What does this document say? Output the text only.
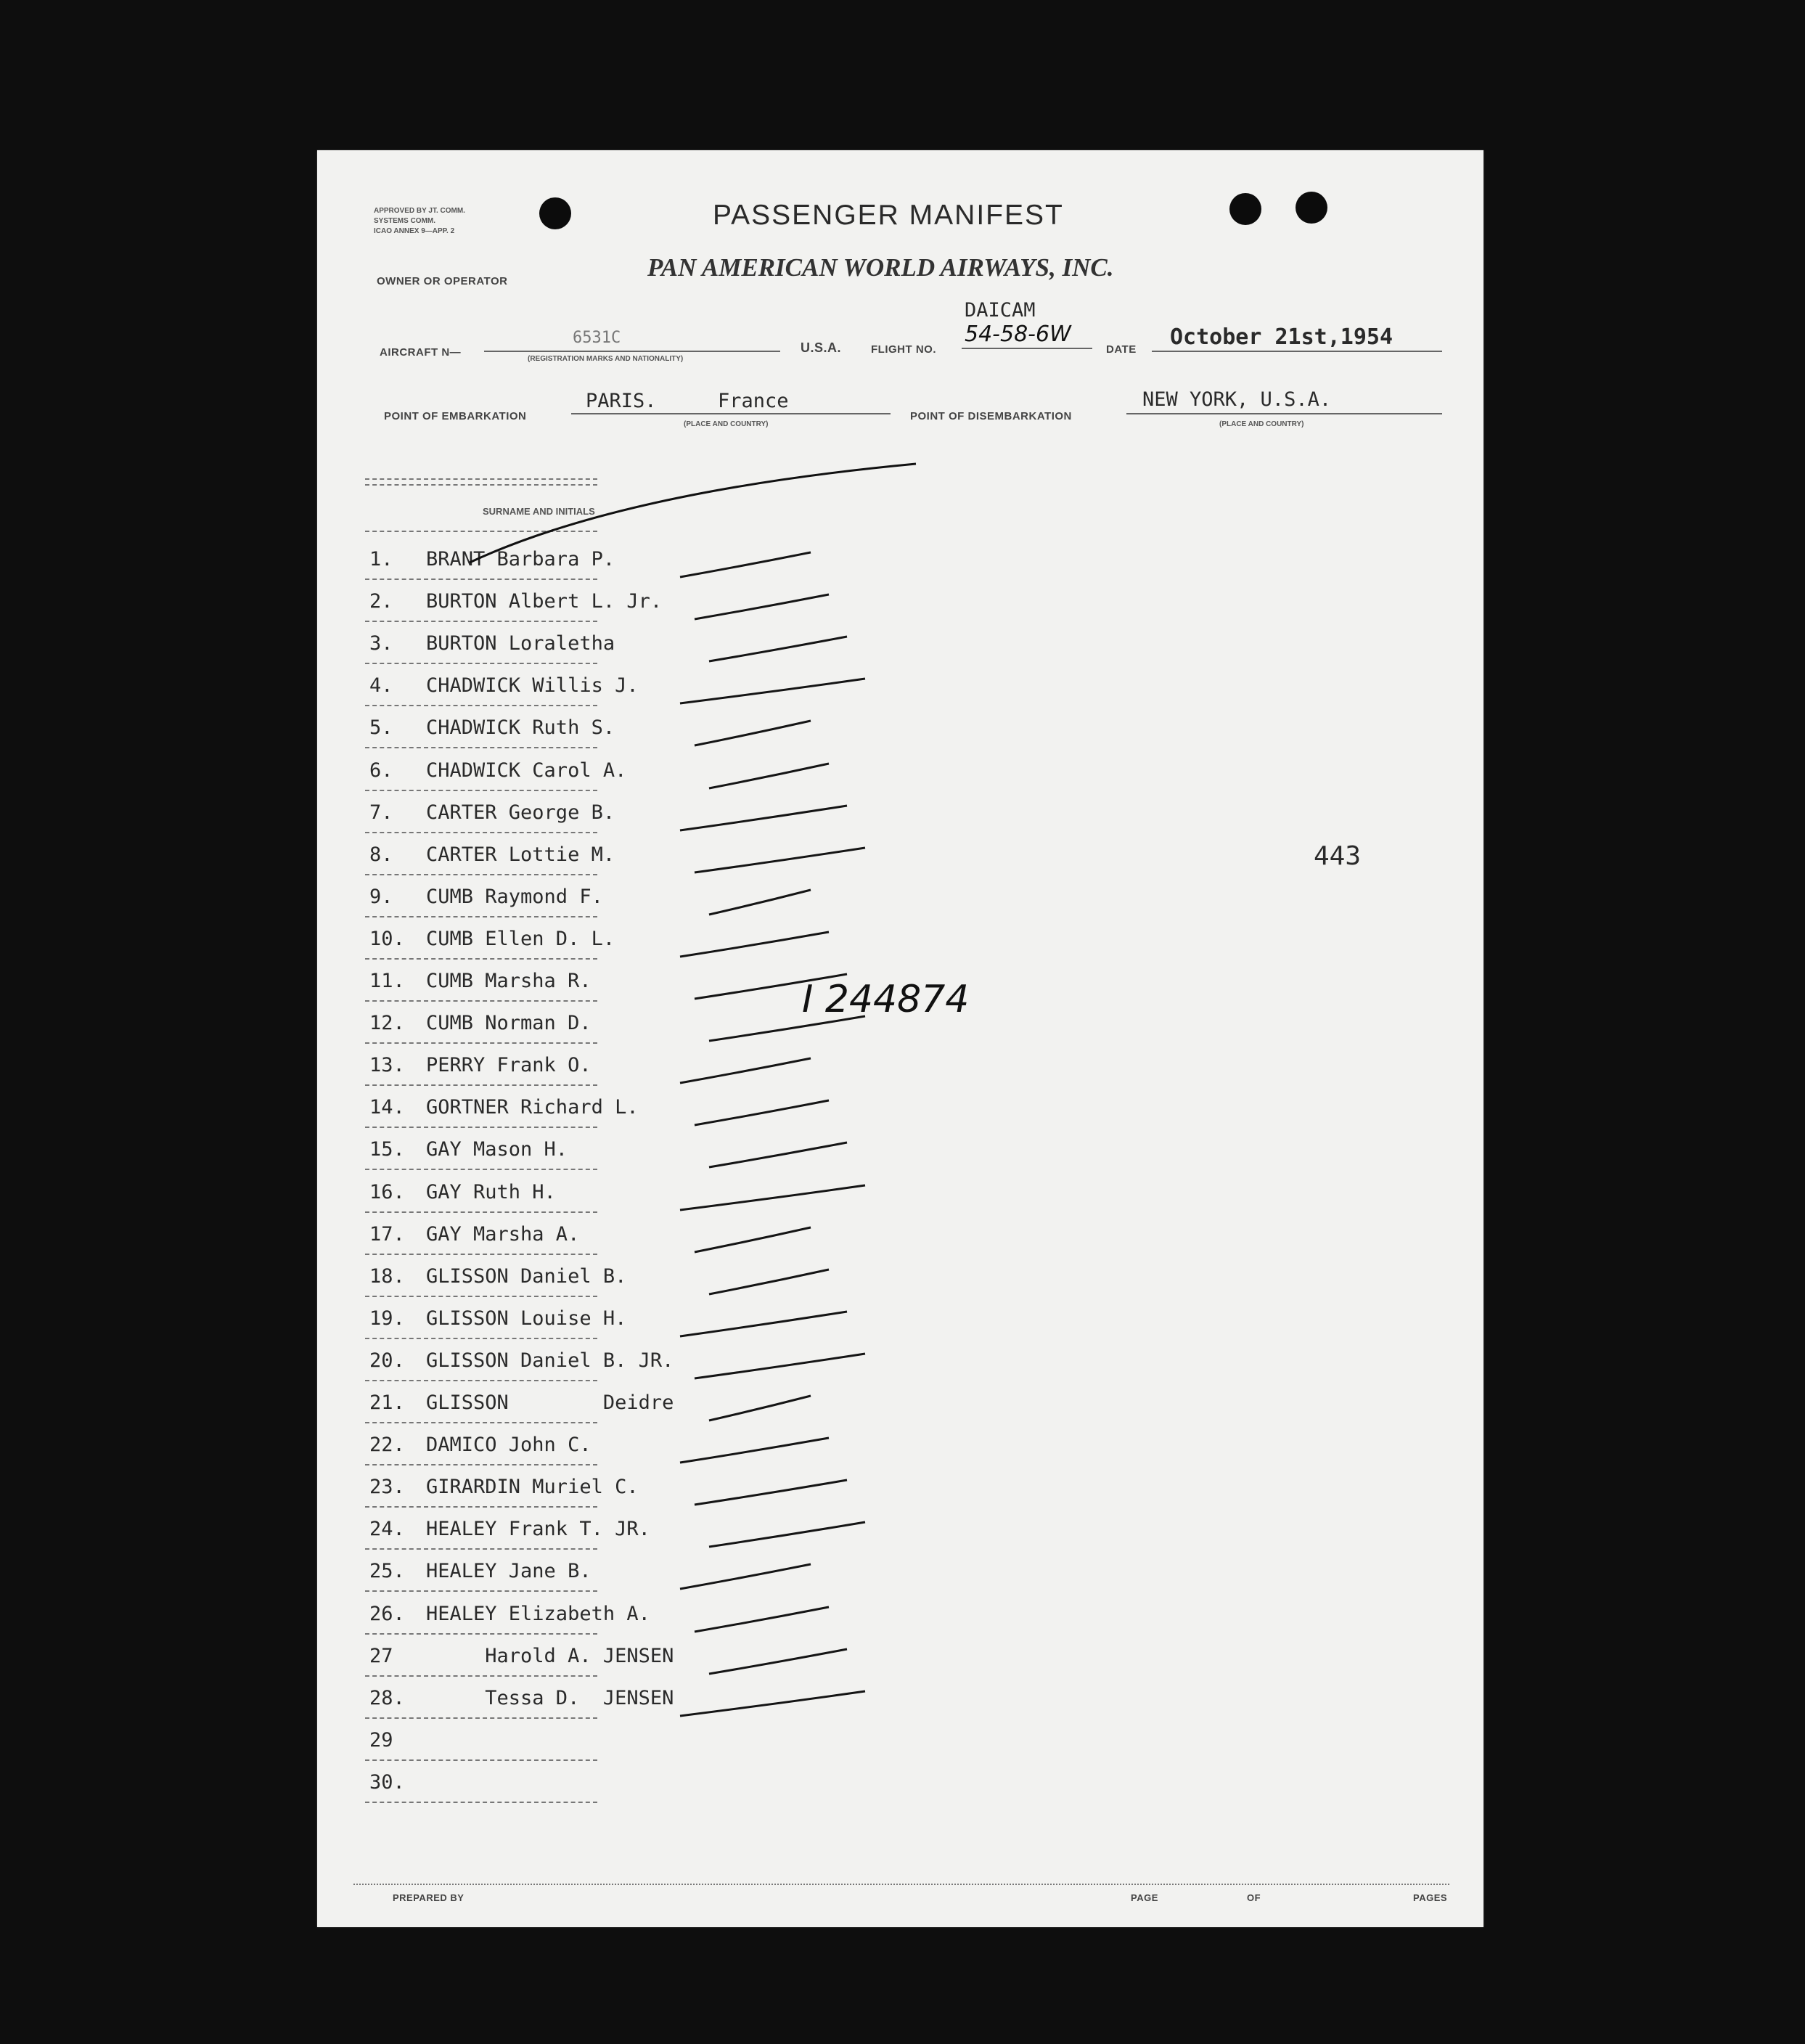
APPROVED BY JT. COMM.
SYSTEMS COMM.
ICAO ANNEX 9—APP. 2
PASSENGER MANIFEST
OWNER OR OPERATOR	PAN AMERICAN WORLD AIRWAYS, INC.
AIRCRAFT N—
6531C
(REGISTRATION MARKS AND NATIONALITY)
U.S.A.	FLIGHT NO.
DAICAM
54-58-6W
DATE October 21st,1954
POINT OF EMBARKATION
PARIS.	France
(PLACE AND COUNTRY)
POINT OF DISEMBARKATION
NEW YORK, U.S.A.
(PLACE AND COUNTRY)
SURNAME AND INITIALS
1.	BRANT Barbara P.
2.	BURTON Albert L. Jr.
3.	BURTON Loraletha
4.	CHADWICK Willis J.
5.	CHADWICK Ruth S.
6.	CHADWICK Carol A.
7.	CARTER George B.
8.	CARTER Lottie M.
9.	CUMB Raymond F.
10.	CUMB Ellen D. L.
11.	CUMB Marsha R.
12.	CUMB Norman D.
13.	PERRY Frank O.
14.	GORTNER Richard L.
15.	GAY Mason H.
16.	GAY Ruth H.
17.	GAY Marsha A.
18.	GLISSON Daniel B.
19.	GLISSON Louise H.
20.	GLISSON Daniel B. JR.
21.	GLISSON        Deidre
22.	DAMICO John C.
23.	GIRARDIN Muriel C.
24.	HEALEY Frank T. JR.
25.	HEALEY Jane B.
26.	HEALEY Elizabeth A.
27	Harold A. JENSEN
28.	Tessa D.  JENSEN
29
30.
443
I 244874
PREPARED BY	PAGE	OF	PAGES
